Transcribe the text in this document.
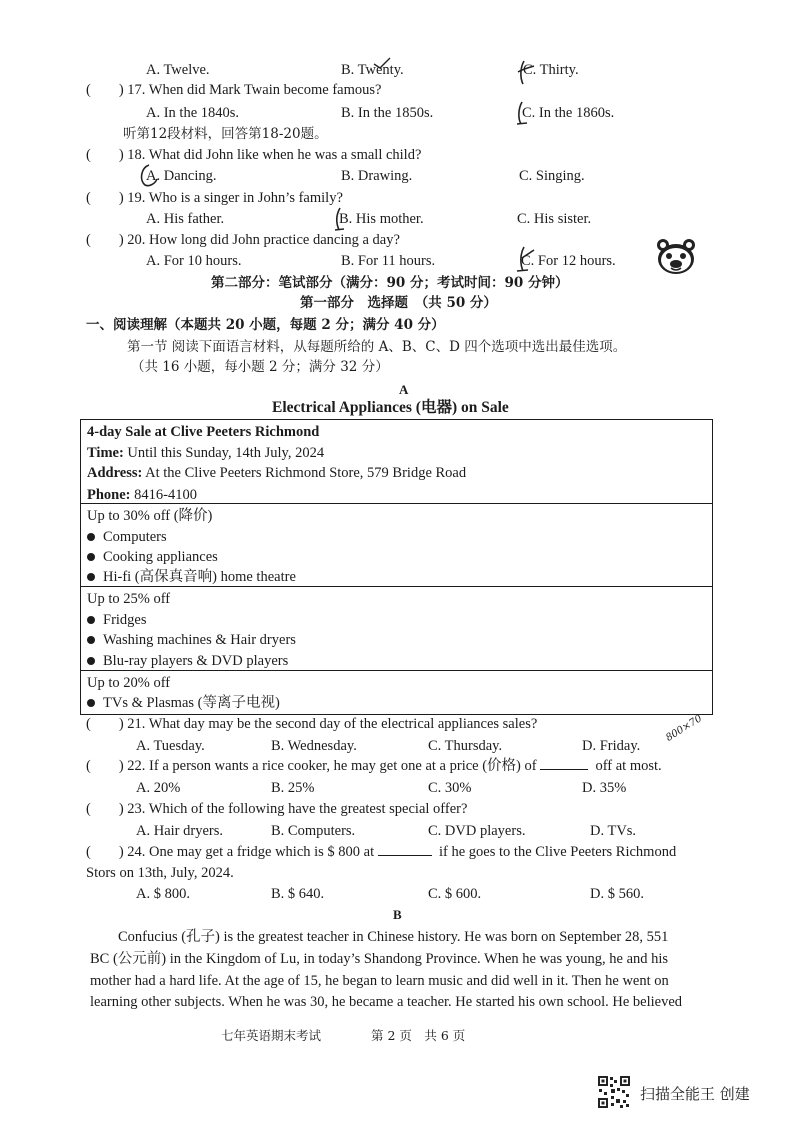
A. Twelve.	B. Twenty.	C. Thirty.
( ) 17. When did Mark Twain become famous?
A. In the 1840s.	B. In the 1850s.	C. In the 1860s.
听第12段材料，回答第18-20题。
( ) 18. What did John like when he was a small child?
A. Dancing.	B. Drawing.	C. Singing.
( ) 19. Who is a singer in John’s family?
A. His father.	B. His mother.	C. His sister.
( ) 20. How long did John practice dancing a day?
A. For 10 hours.	B. For 11 hours.	C. For 12 hours.
第二部分：笔试部分（满分：90 分；考试时间：90 分钟）
第一部分　选择题　（共 50 分）
一、阅读理解（本题共 20 小题，每题 2 分；满分 40 分）
第一节 阅读下面语言材料，从每题所给的 A、B、C、D 四个选项中选出最佳选项。
（共 16 小题，每小题 2 分；满分 32 分）
A
Electrical Appliances (电器) on Sale
4-day Sale at Clive Peeters Richmond
Time: Until this Sunday, 14th July, 2024
Address: At the Clive Peeters Richmond Store, 579 Bridge Road
Phone: 8416-4100
Up to 30% off (降价)
Computers
Cooking appliances
Hi-fi (高保真音响) home theatre
Up to 25% off
Fridges
Washing machines & Hair dryers
Blu-ray players & DVD players
Up to 20% off
TVs & Plasmas (等离子电视)
( ) 21. What day may be the second day of the electrical appliances sales?
A. Tuesday.	B. Wednesday.	C. Thursday.	D. Friday.
( ) 22. If a person wants a rice cooker, he may get one at a price (价格) of	off at most.
A. 20%	B. 25%	C. 30%	D. 35%
( ) 23. Which of the following have the greatest special offer?
A. Hair dryers.	B. Computers.	C. DVD players.	D. TVs.
( ) 24. One may get a fridge which is $ 800 at	if he goes to the Clive Peeters Richmond
Stors on 13th, July, 2024.
A. $ 800.	B. $ 640.	C. $ 600.	D. $ 560.
B
Confucius (孔子) is the greatest teacher in Chinese history. He was born on September 28, 551
BC (公元前) in the Kingdom of Lu, in today’s Shandong Province. When he was young, he and his
mother had a hard life. At the age of 15, he began to learn music and did well in it. Then he went on
learning other subjects. When he was 30, he became a teacher. He started his own school. He believed
七年英语期末考试	第 2 页　共 6 页
扫描全能王 创建
800×70
